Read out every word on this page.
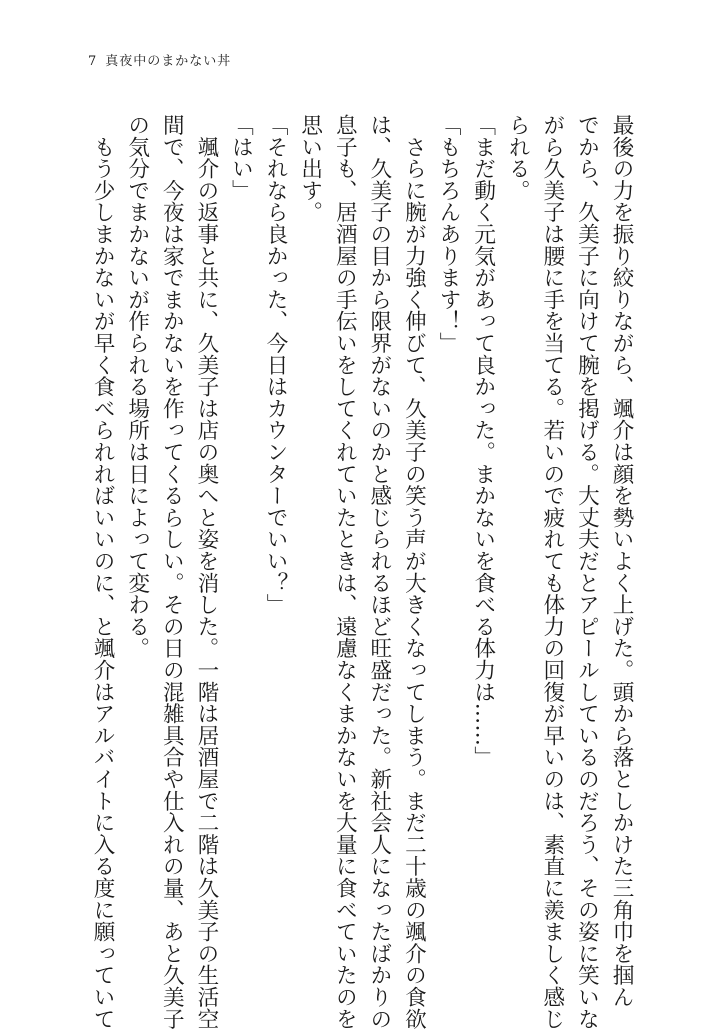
7 真夜中のまかない丼
最後の力を振り絞りながら、颯介は顔を勢いよく上げた。頭から落としかけた三角巾を掴ん
でから、久美子に向けて腕を掲げる。大丈夫だとアピールしているのだろう、その姿に笑いな
がら久美子は腰に手を当てる。若いので疲れても体力の回復が早いのは、素直に羨ましく感じ
られる。
「まだ動く元気があって良かった。まかないを食べる体力は……」
「もちろんあります！」
　さらに腕が力強く伸びて、久美子の笑う声が大きくなってしまう。まだ二十歳の颯介の食欲
は、久美子の目から限界がないのかと感じられるほど旺盛だった。新社会人になったばかりの
息子も、居酒屋の手伝いをしてくれていたときは、遠慮なくまかないを大量に食べていたのを
思い出す。
「それなら良かった、今日はカウンターでいい？」
「はい」
　颯介の返事と共に、久美子は店の奥へと姿を消した。一階は居酒屋で二階は久美子の生活空
間で、今夜は家でまかないを作ってくるらしい。その日の混雑具合や仕入れの量、あと久美子
の気分でまかないが作られる場所は日によって変わる。
　もう少しまかないが早く食べられればいいのに、と颯介はアルバイトに入る度に願っていて
